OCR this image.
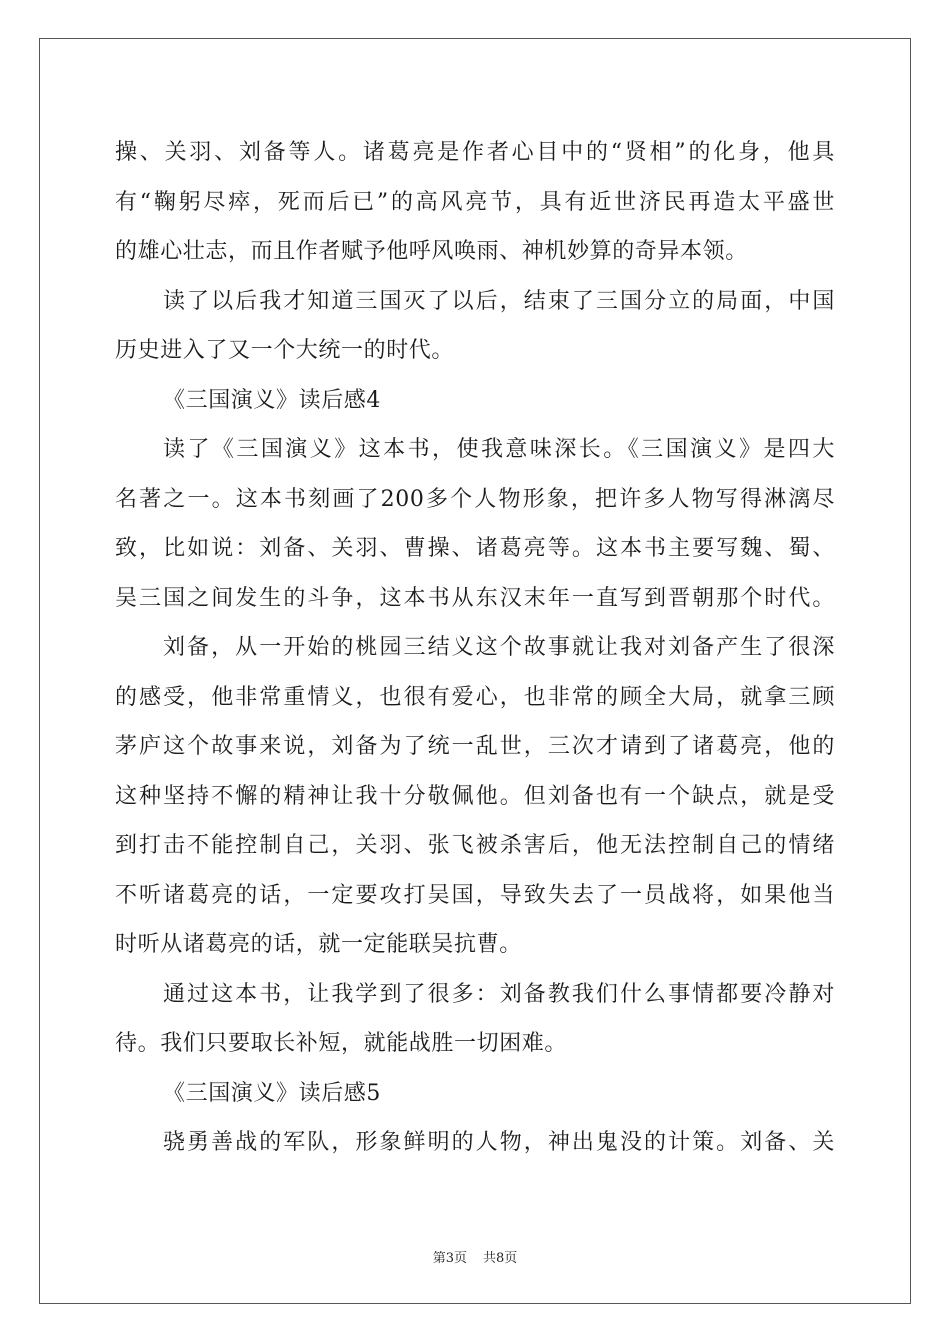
操、关羽、刘备等人。诸葛亮是作者心目中的“贤相”的化身，他具
有“鞠躬尽瘁，死而后已”的高风亮节，具有近世济民再造太平盛世
的雄心壮志，而且作者赋予他呼风唤雨、神机妙算的奇异本领。
读了以后我才知道三国灭了以后，结束了三国分立的局面，中国
历史进入了又一个大统一的时代。
《三国演义》读后感4
读了《三国演义》这本书，使我意味深长。《三国演义》是四大
名著之一。这本书刻画了200多个人物形象，把许多人物写得淋漓尽
致，比如说：刘备、关羽、曹操、诸葛亮等。这本书主要写魏、蜀、
吴三国之间发生的斗争，这本书从东汉末年一直写到晋朝那个时代。
刘备，从一开始的桃园三结义这个故事就让我对刘备产生了很深
的感受，他非常重情义，也很有爱心，也非常的顾全大局，就拿三顾
茅庐这个故事来说，刘备为了统一乱世，三次才请到了诸葛亮，他的
这种坚持不懈的精神让我十分敬佩他。但刘备也有一个缺点，就是受
到打击不能控制自己，关羽、张飞被杀害后，他无法控制自己的情绪
不听诸葛亮的话，一定要攻打吴国，导致失去了一员战将，如果他当
时听从诸葛亮的话，就一定能联吴抗曹。
通过这本书，让我学到了很多：刘备教我们什么事情都要冷静对
待。我们只要取长补短，就能战胜一切困难。
《三国演义》读后感5
骁勇善战的军队，形象鲜明的人物，神出鬼没的计策。刘备、关
第3页 共8页
